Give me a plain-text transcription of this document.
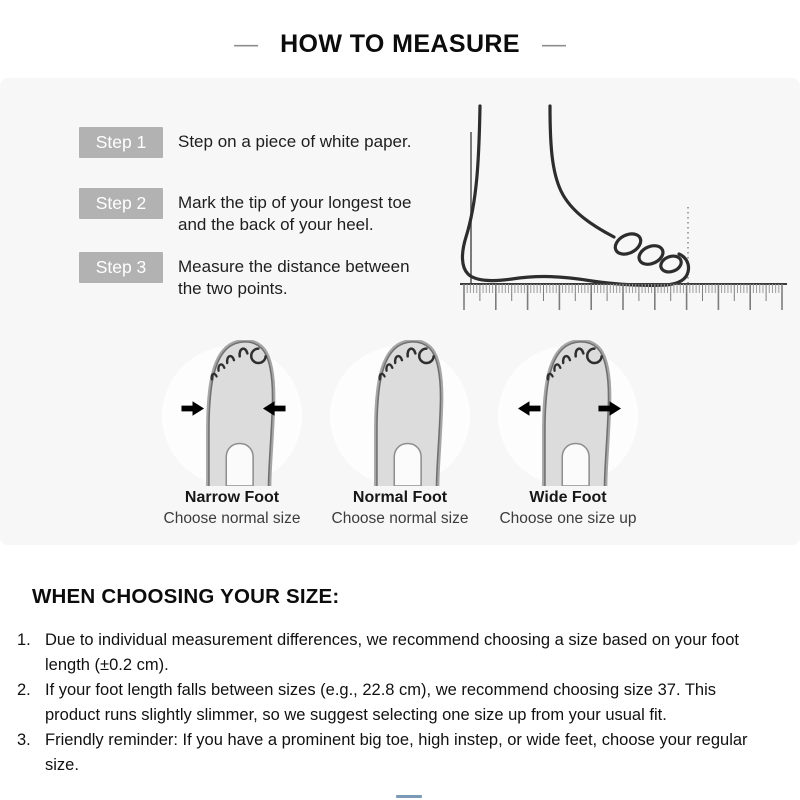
— HOW TO MEASURE —
Step 1	Step on a piece of white paper.
Step 2	Mark the tip of your longest toe and the back of your heel.
Step 3	Measure the distance between the two points.
Narrow Foot
Choose normal size
Normal Foot
Choose normal size
Wide Foot
Choose one size up
WHEN CHOOSING YOUR SIZE:
1. Due to individual measurement differences, we recommend choosing a size based on your foot length (±0.2 cm).
2. If your foot length falls between sizes (e.g., 22.8 cm), we recommend choosing size 37. This product runs slightly slimmer, so we suggest selecting one size up from your usual fit.
3. Friendly reminder: If you have a prominent big toe, high instep, or wide feet, choose your regular size.
